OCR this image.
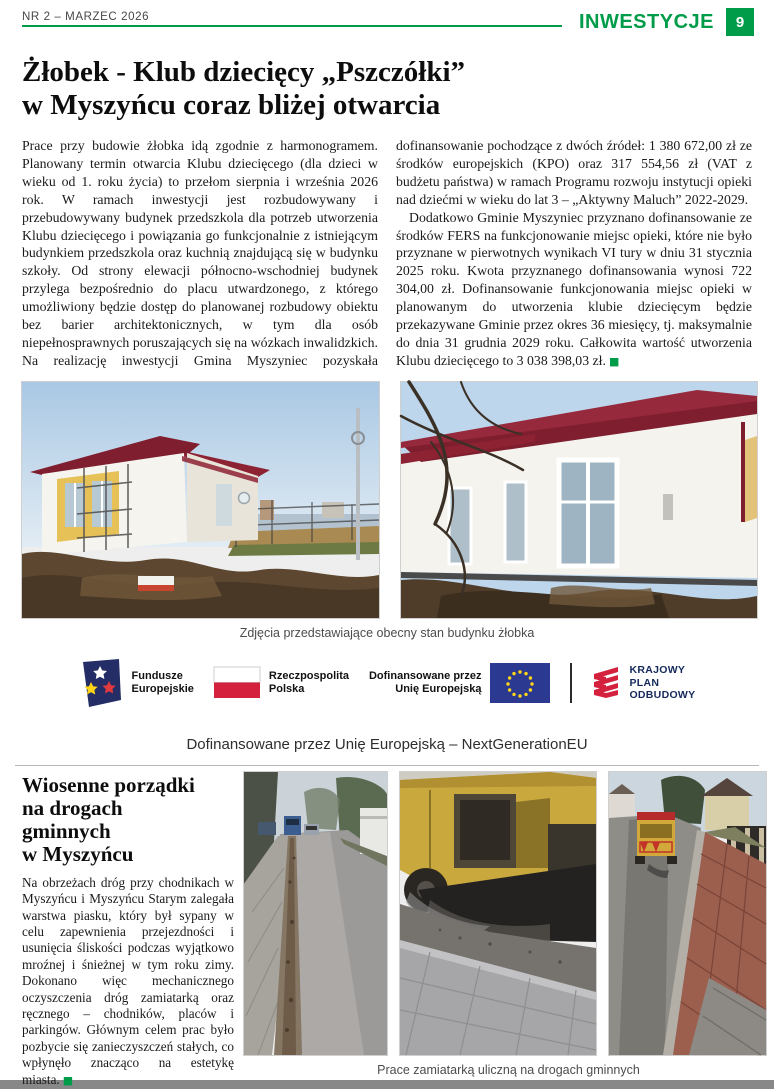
NR 2 – MARZEC 2026	INWESTYCJE	9
Żłobek - Klub dziecięcy „Pszczółki”
w Myszyńcu coraz bliżej otwarcia

Prace przy budowie żłobka idą zgodnie z harmonogramem. Planowany termin otwarcia Klubu dziecięcego (dla dzieci w wieku od 1. roku życia) to przełom sierpnia i września 2026 rok. W ramach inwestycji jest rozbudowywany i przebudowywany budynek przedszkola dla potrzeb utworzenia Klubu dziecięcego i powiązania go funkcjonalnie z istniejącym budynkiem przedszkola oraz kuchnią znajdującą się w budynku szkoły. Od strony elewacji północno-wschodniej budynek przylega bezpośrednio do placu utwardzonego, z którego umożliwiony będzie dostęp do planowanej rozbudowy obiektu bez barier architektonicznych, w tym dla osób niepełnosprawnych poruszających się na wózkach inwalidzkich. Na realizację inwestycji Gmina Myszyniec pozyskała dofinansowanie pochodzące z dwóch źródeł: 1 380 672,00 zł ze środków europejskich (KPO) oraz 317 554,56 zł (VAT z budżetu państwa) w ramach Programu rozwoju instytucji opieki nad dziećmi w wieku do lat 3 – „Aktywny Maluch” 2022-2029.

Dodatkowo Gminie Myszyniec przyznano dofinansowanie ze środków FERS na funkcjonowanie miejsc opieki, które nie było przyznane w pierwotnych wynikach VI tury w dniu 31 stycznia 2025 roku. Kwota przyznanego dofinansowania wynosi 722 304,00 zł. Dofinansowanie funkcjonowania miejsc opieki w planowanym do utworzenia klubie dziecięcym będzie przekazywane Gminie przez okres 36 miesięcy, tj. maksymalnie do dnia 31 grudnia 2029 roku. Całkowita wartość utworzenia Klubu dziecięcego to 3 038 398,03 zł. ■

Zdjęcia przedstawiające obecny stan budynku żłobka
Fundusze
Europejskie
Rzeczpospolita
Polska
Dofinansowane przez
Unię Europejską
KRAJOWY
PLAN
ODBUDOWY
Dofinansowane przez Unię Europejską – NextGenerationEU
Wiosenne porządki
na drogach
gminnych
w Myszyńcu

Na obrzeżach dróg przy chodnikach w Myszyńcu i Myszyńcu Starym zalegała warstwa piasku, który był sypany w celu zapewnienia przejezdności i usunięcia śliskości podczas wyjątkowo mroźnej i śnieżnej w tym roku zimy. Dokonano więc mechanicznego oczyszczenia dróg zamiatarką oraz ręcznego – chodników, placów i parkingów. Głównym celem prac było pozbycie się zanieczyszczeń stałych, co wpłynęło znacząco na estetykę miasta. ■

Prace zamiatarką uliczną na drogach gminnych
